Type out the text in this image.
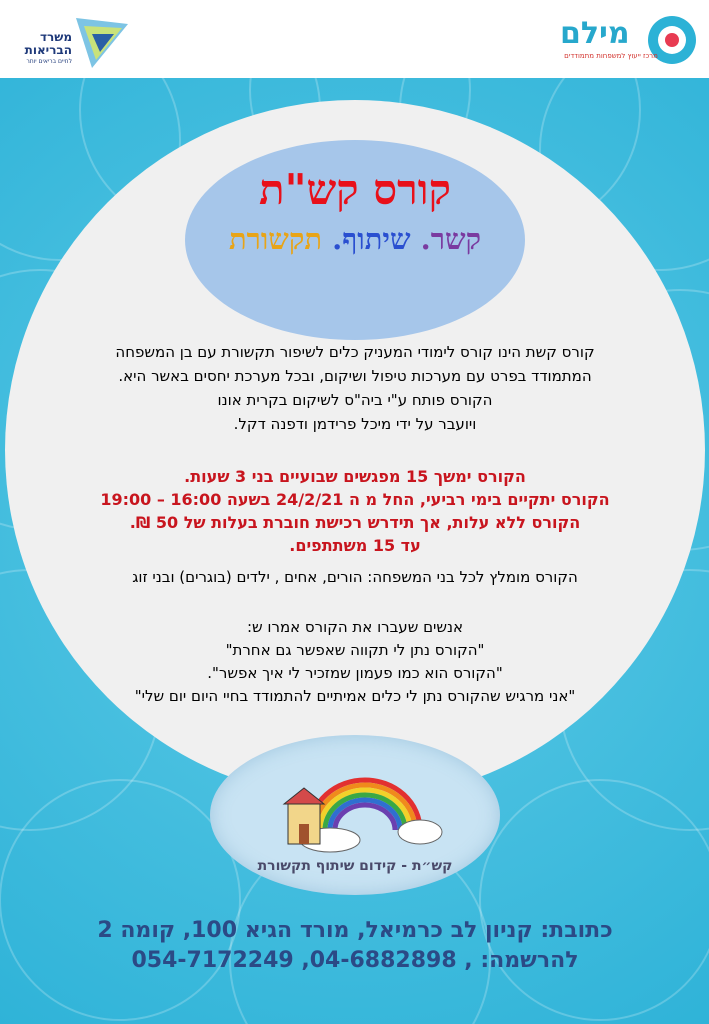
מילם
מרכז ייעוץ למשפחות מתמודדים
משרד
הבריאות
לחיים בריאים יותר
קורס קש"ת
קשר. שיתוף. תקשורת
קורס קשת הינו קורס לימודי המעניק כלים לשיפור תקשורת עם בן המשפחה
המתמודד בפרט עם מערכות טיפול ושיקום, ובכל מערכת יחסים באשר היא.
הקורס פותח ע"י ביה"ס לשיקום בקרית אונו
ויועבר על ידי מיכל פרידמן ודפנה דקל.
הקורס ימשך 15 מפגשים שבועיים בני 3 שעות.
הקורס יתקיים בימי רביעי, החל מ ה 24/2/21 בשעה 16:00 – 19:00
הקורס ללא עלות, אך תידרש רכישת חוברת בעלות של 50 ₪.
עד 15 משתתפים.
הקורס מומלץ לכל בני המשפחה: הורים, אחים , ילדים (בוגרים) ובני זוג
אנשים שעברו את הקורס אמרו ש:
"הקורס נתן לי תקווה שאפשר גם אחרת"
"הקורס הוא כמו פעמון שמזכיר לי איך אפשר".
"אני מרגיש שהקורס נתן לי כלים אמיתיים להתמודד בחיי היום יום שלי"
קש״ת - קידום שיתוף תקשורת
כתובת: קניון לב כרמיאל, מורד הגיא 100, קומה 2
להרשמה: , 04-6882898, 054-7172249
